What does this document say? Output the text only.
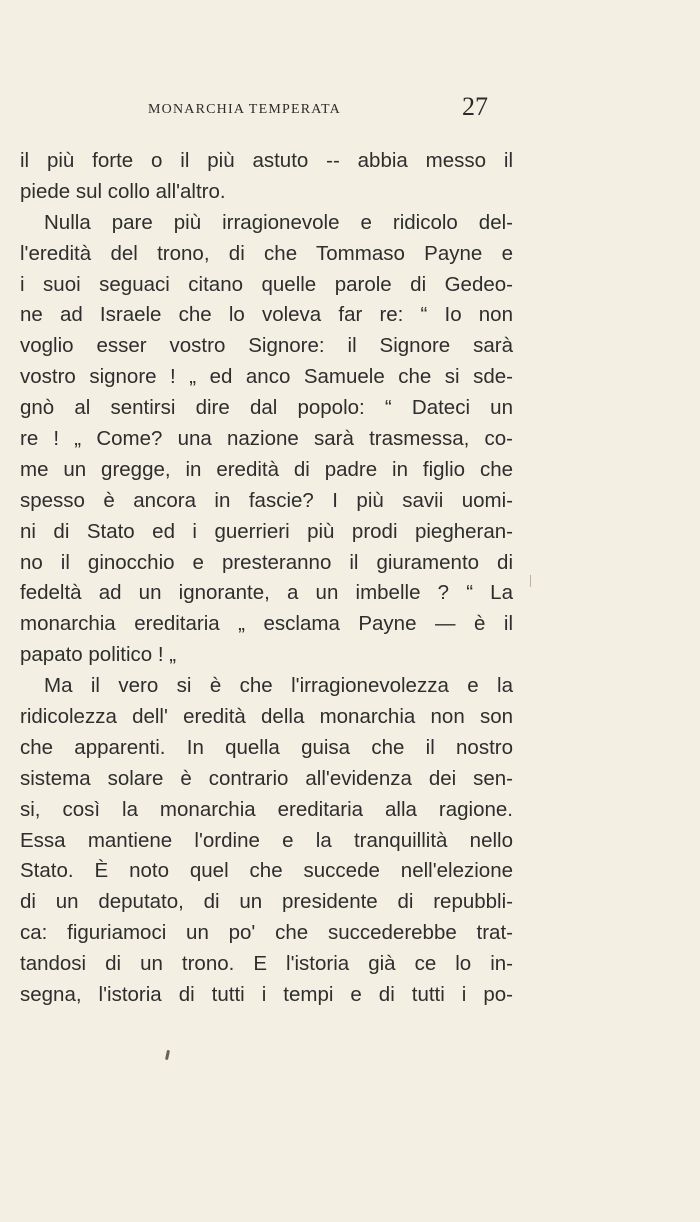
MONARCHIA TEMPERATA	27
il più forte o il più astuto -- abbia messo il
piede sul collo all'altro.
Nulla pare più irragionevole e ridicolo del-
l'eredità del trono, di che Tommaso Payne e
i suoi seguaci citano quelle parole di Gedeo-
ne ad Israele che lo voleva far re: “ Io non
voglio esser vostro Signore: il Signore sarà
vostro signore ! „ ed anco Samuele che si sde-
gnò al sentirsi dire dal popolo: “ Dateci un
re ! „ Come? una nazione sarà trasmessa, co-
me un gregge, in eredità di padre in figlio che
spesso è ancora in fascie? I più savii uomi-
ni di Stato ed i guerrieri più prodi piegheran-
no il ginocchio e presteranno il giuramento di
fedeltà ad un ignorante, a un imbelle ? “ La
monarchia ereditaria „ esclama Payne — è il
papato politico ! „
Ma il vero si è che l'irragionevolezza e la
ridicolezza dell' eredità della monarchia non son
che apparenti. In quella guisa che il nostro
sistema solare è contrario all'evidenza dei sen-
si, così la monarchia ereditaria alla ragione.
Essa mantiene l'ordine e la tranquillità nello
Stato. È noto quel che succede nell'elezione
di un deputato, di un presidente di repubbli-
ca: figuriamoci un po' che succederebbe trat-
tandosi di un trono. E l'istoria già ce lo in-
segna, l'istoria di tutti i tempi e di tutti i po-
